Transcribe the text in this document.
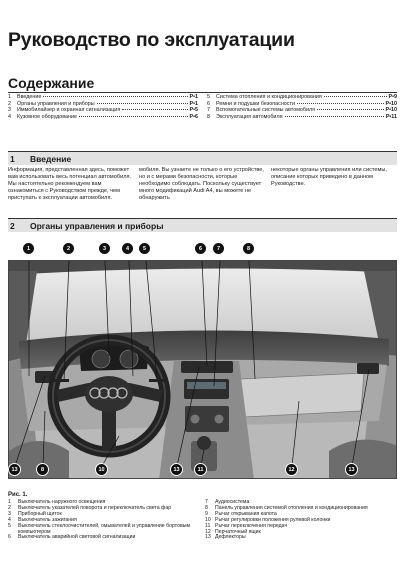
Руководство по эксплуатации
Содержание
1	Введение	P•1
2	Органы управления и приборы	P•1
3	Иммобилайзер и охранная сигнализация	P•5
4	Кузовное оборудование	P•6
5	Система отопления и кондиционирования	P•9
6	Ремни и подушки безопасности	P•10
7	Вспомогательные системы автомобиля	P•10
8	Эксплуатация автомобиля	P•11
1	Введение
Информация, представленная здесь, поможет вам использовать весь потенциал автомобиля. Мы настоятельно рекомендуем вам ознакомиться с Руководством прежде, чем приступать к эксплуатации автомобиля.
мобиля. Вы узнаете не только о его устройстве, но и с мерами безопасности, которые необходимо соблюдать. Поскольку существует много модификаций Audi A4, вы можете не обнаружить
некоторые органы управления или системы, описание которых приведено в данном Руководстве.
2	Органы управления и приборы
1	2	3	4	5	6	7	8
13	8	10	13	11	12	13
Рис. 1.
1	Выключатель наружного освещения
2	Выключатель указателей поворота и переключатель света фар
3	Приборный щиток
4	Выключатель зажигания
5	Выключатель стеклоочистителей, омывателей и управление бортовым компьютером
6	Выключатель аварийной световой сигнализации
7	Аудиосистема
8	Панель управления системой отопления и кондиционирования
9	Рычаг открывания капота
10 Рычаг регулировки положения рулевой колонки
11 Рычаг переключения передач
12 Перчаточный ящик
13 Дефлекторы
